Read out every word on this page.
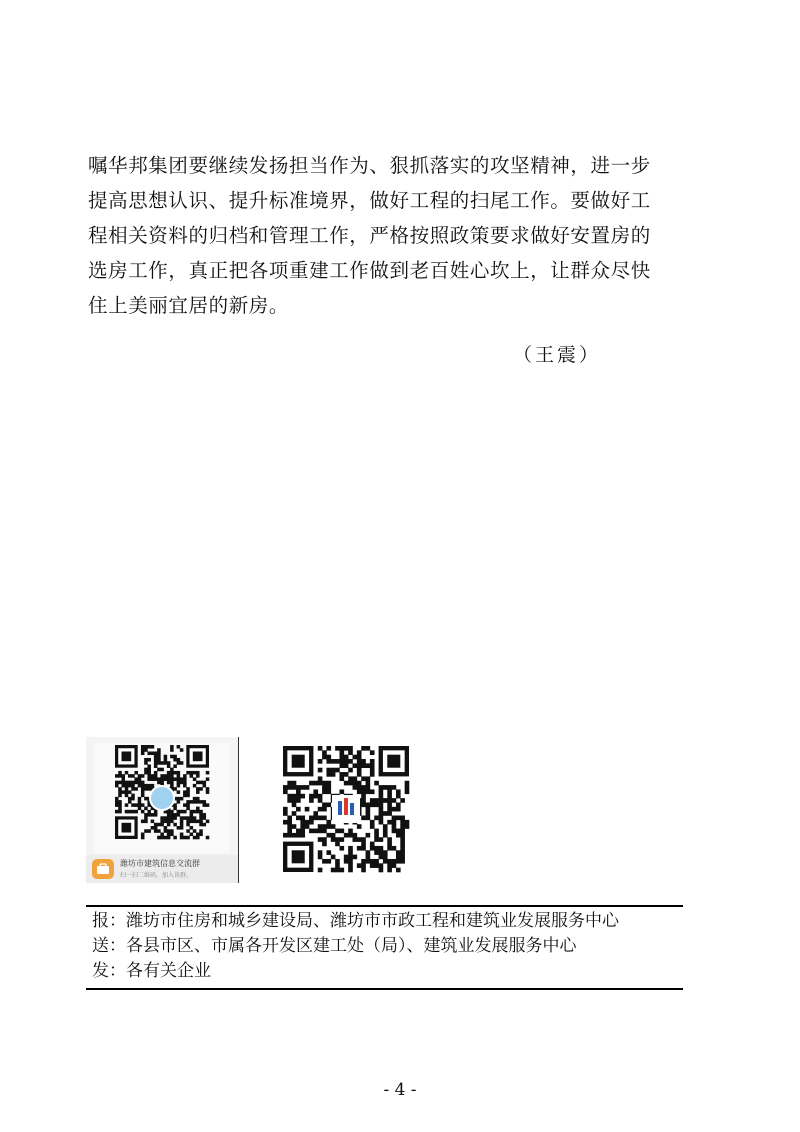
嘱华邦集团要继续发扬担当作为、狠抓落实的攻坚精神，进一步
提高思想认识、提升标准境界，做好工程的扫尾工作。要做好工
程相关资料的归档和管理工作，严格按照政策要求做好安置房的
选房工作，真正把各项重建工作做到老百姓心坎上，让群众尽快
住上美丽宜居的新房。
（王震）
潍坊市建筑信息交流群
扫一扫二维码，加入该群。
报：潍坊市住房和城乡建设局、潍坊市市政工程和建筑业发展服务中心
送：各县市区、市属各开发区建工处（局）、建筑业发展服务中心
发：各有关企业
- 4 -
